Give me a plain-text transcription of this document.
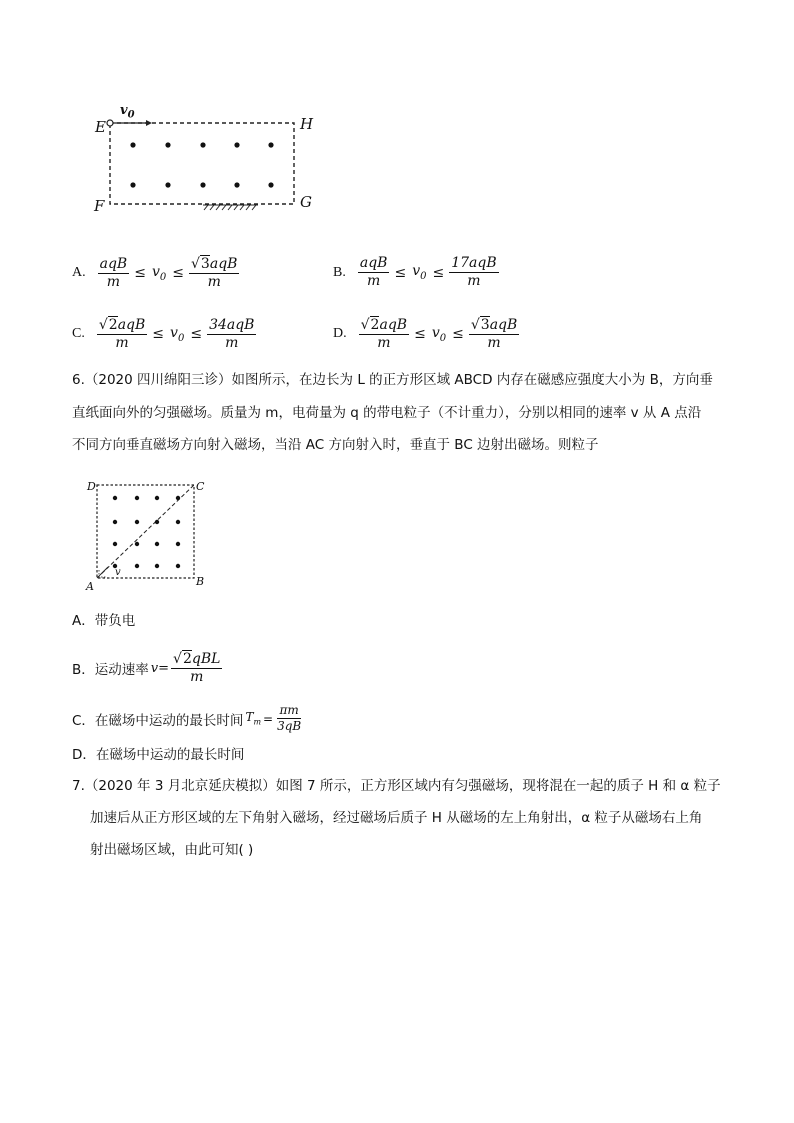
$v_0$
E	H
F	G
A. $\frac{\text{aqB}}{m} \le v_0 \le \frac{\text{√3aqB}}{m}$	B. $\frac{\text{aqB}}{m} \le v_0 \le \frac{\text{17aqB}}{m}$
C. $\frac{\text{√2aqB}}{m} \le v_0 \le \frac{\text{34aqB}}{m}$	D. $\frac{\text{√2aqB}}{m} \le v_0 \le \frac{\text{√3aqB}}{m}$
6.（2020 四川绵阳三诊）如图所示，在边长为 L 的正方形区域 ABCD 内存在磁感应强度大小为 B，方向垂
直纸面向外的匀强磁场。质量为 m，电荷量为 q 的带电粒子（不计重力），分别以相同的速率 v 从 A 点沿
不同方向垂直磁场方向射入磁场，当沿 AC 方向射入时，垂直于 BC 边射出磁场。则粒子
D	C
A	B
v
A．带负电
B．运动速率 $v= \frac{\text{√2qBL}}{m}$
C．在磁场中运动的最长时间 $T_m = \frac{\pi m}{3qB}$
D．在磁场中运动的最长时间
7.（2020 年 3 月北京延庆模拟）如图 7 所示，正方形区域内有匀强磁场，现将混在一起的质子 H 和 α 粒子
加速后从正方形区域的左下角射入磁场，经过磁场后质子 H 从磁场的左上角射出，α 粒子从磁场右上角
射出磁场区域，由此可知( )
